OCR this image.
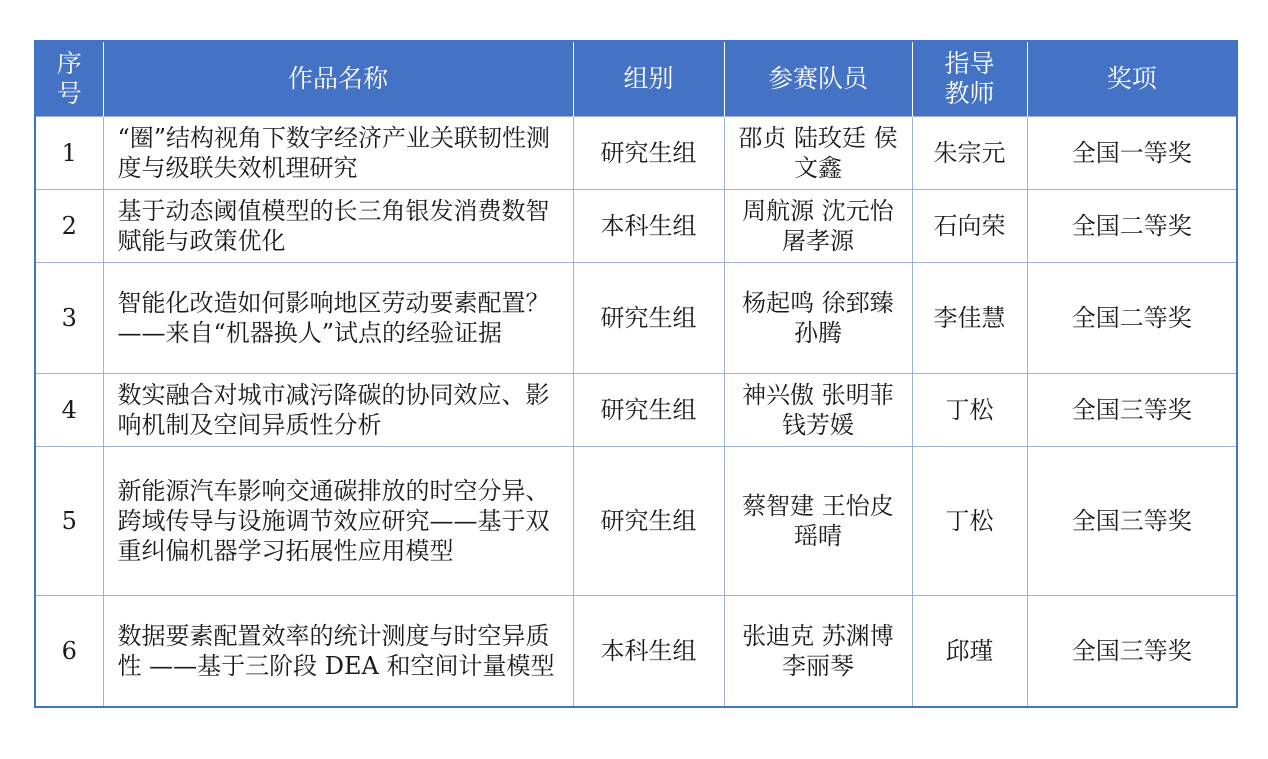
序号	作品名称	组别	参赛队员	指导教师	奖项
1	“圈”结构视角下数字经济产业关联韧性测度与级联失效机理研究	研究生组	邵贞 陆玫廷 侯文鑫	朱宗元	全国一等奖
2	基于动态阈值模型的长三角银发消费数智赋能与政策优化	本科生组	周航源 沈元怡 屠孝源	石向荣	全国二等奖
3	智能化改造如何影响地区劳动要素配置？ ——来自“机器换人”试点的经验证据	研究生组	杨起鸣 徐郅臻 孙腾	李佳慧	全国二等奖
4	数实融合对城市减污降碳的协同效应、影响机制及空间异质性分析	研究生组	神兴傲 张明菲 钱芳媛	丁松	全国三等奖
5	新能源汽车影响交通碳排放的时空分异、跨域传导与设施调节效应研究——基于双重纠偏机器学习拓展性应用模型	研究生组	蔡智建 王怡皮瑶晴	丁松	全国三等奖
6	数据要素配置效率的统计测度与时空异质性 ——基于三阶段 DEA 和空间计量模型	本科生组	张迪克 苏渊博 李丽琴	邱瑾	全国三等奖
